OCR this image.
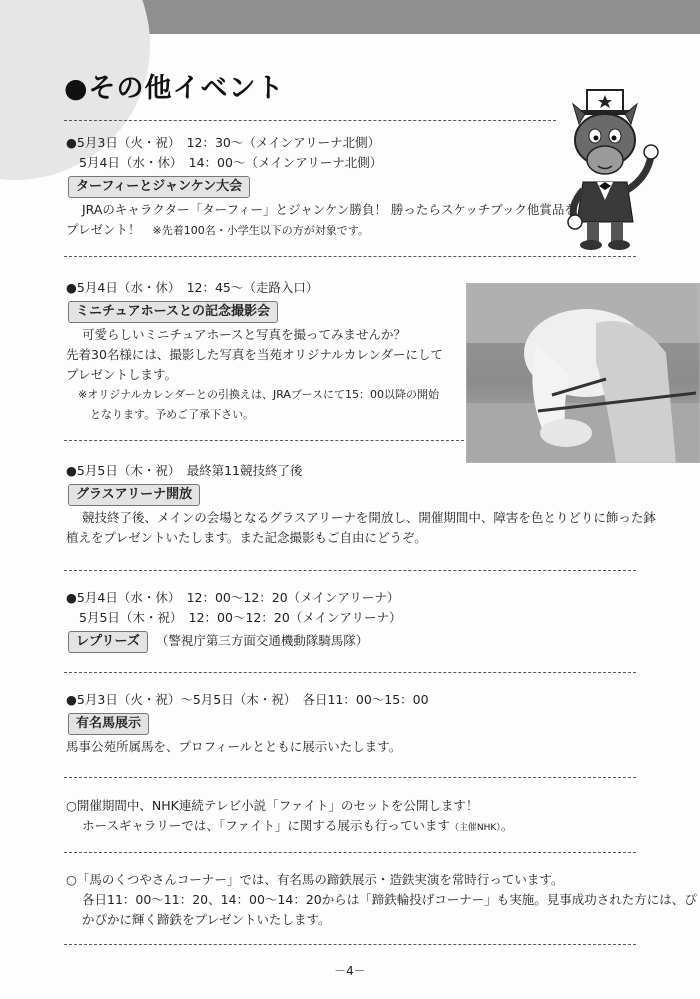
●その他イベント
●5月3日（火・祝）　12：30〜（メインアリーナ北側）
5月4日（水・休）　14：00〜（メインアリーナ北側）
ターフィーとジャンケン大会
JRAのキャラクター「ターフィー」とジャンケン勝負！ 勝ったらスケッチブック他賞品を
プレゼント！ ※先着100名・小学生以下の方が対象です。
●5月4日（水・休）　12：45〜（走路入口）
ミニチュアホースとの記念撮影会
可愛らしいミニチュアホースと写真を撮ってみませんか？
先着30名様には、撮影した写真を当苑オリジナルカレンダーにして
プレゼントします。
※オリジナルカレンダーとの引換えは、JRAブースにて15：00以降の開始
となります。予めご了承下さい。
●5月5日（木・祝）　最終第11競技終了後
グラスアリーナ開放
競技終了後、メインの会場となるグラスアリーナを開放し、開催期間中、障害を色とりどりに飾った鉢
植えをプレゼントいたします。また記念撮影もご自由にどうぞ。
●5月4日（水・休）　12：00〜12：20（メインアリーナ）
5月5日（木・祝）　12：00〜12：20（メインアリーナ）
レプリーズ （警視庁第三方面交通機動隊騎馬隊）
●5月3日（火・祝）〜5月5日（木・祝）　各日11：00〜15：00
有名馬展示
馬事公苑所属馬を、プロフィールとともに展示いたします。
○開催期間中、NHK連続テレビ小説「ファイト」のセットを公開します！
ホースギャラリーでは、「ファイト」に関する展示も行っています（主催NHK）。
○「馬のくつやさんコーナー」では、有名馬の蹄鉄展示・造鉄実演を常時行っています。
各日11：00〜11：20、14：00〜14：20からは「蹄鉄輪投げコーナー」も実施。見事成功された方には、ぴ
かぴかに輝く蹄鉄をプレゼントいたします。
－4－
